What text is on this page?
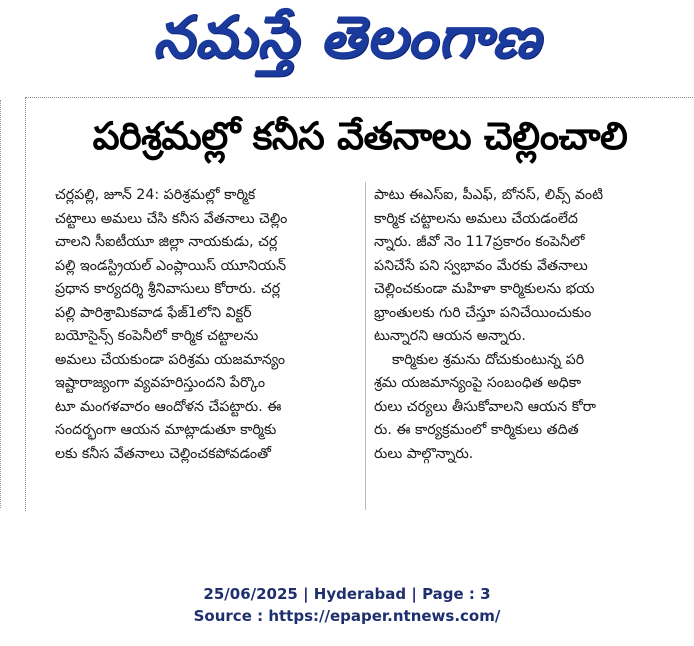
నమస్తే తెలంగాణ
పరిశ్రమల్లో కనీస వేతనాలు చెల్లించాలి
చర్లపల్లి, జూన్ 24: పరిశ్రమల్లో కార్మిక
చట్టాలు అమలు చేసి కనీస వేతనాలు చెల్లిం
చాలని సీఐటీయూ జిల్లా నాయకుడు, చర్ల
పల్లి ఇండస్ట్రియల్ ఎంప్లాయిస్ యూనియన్
ప్రధాన కార్యదర్శి శ్రీనివాసులు కోరారు. చర్ల
పల్లి పారిశ్రామికవాడ ఫేజ్1లోని విక్టర్
బయోసైన్స్ కంపెనీలో కార్మిక చట్టాలను
అమలు చేయకుండా పరిశ్రమ యజమాన్యం
ఇష్టారాజ్యంగా వ్యవహరిస్తుందని పేర్కొం
టూ మంగళవారం ఆందోళన చేపట్టారు. ఈ
సందర్భంగా ఆయన మాట్లాడుతూ కార్మికు
లకు కనీస వేతనాలు చెల్లించకపోవడంతో
పాటు ఈఎస్ఐ, పీఎఫ్, బోనస్, లివ్స్ వంటి
కార్మిక చట్టాలను అమలు చేయడంలేద
న్నారు. జీవో నెం 117ప్రకారం కంపెనీలో
పనిచేసే పని స్వభావం మేరకు వేతనాలు
చెల్లించకుండా మహిళా కార్మికులను భయ
భ్రాంతులకు గురి చేస్తూ పనిచేయించుకుం
టున్నారని ఆయన అన్నారు.
కార్మికుల శ్రమను దోచుకుంటున్న పరి
శ్రమ యజమాన్యంపై సంబంధిత అధికా
రులు చర్యలు తీసుకోవాలని ఆయన కోరా
రు. ఈ కార్యక్రమంలో కార్మికులు తదిత
రులు పాల్గొన్నారు.
25/06/2025 | Hyderabad | Page : 3
Source : https://epaper.ntnews.com/
